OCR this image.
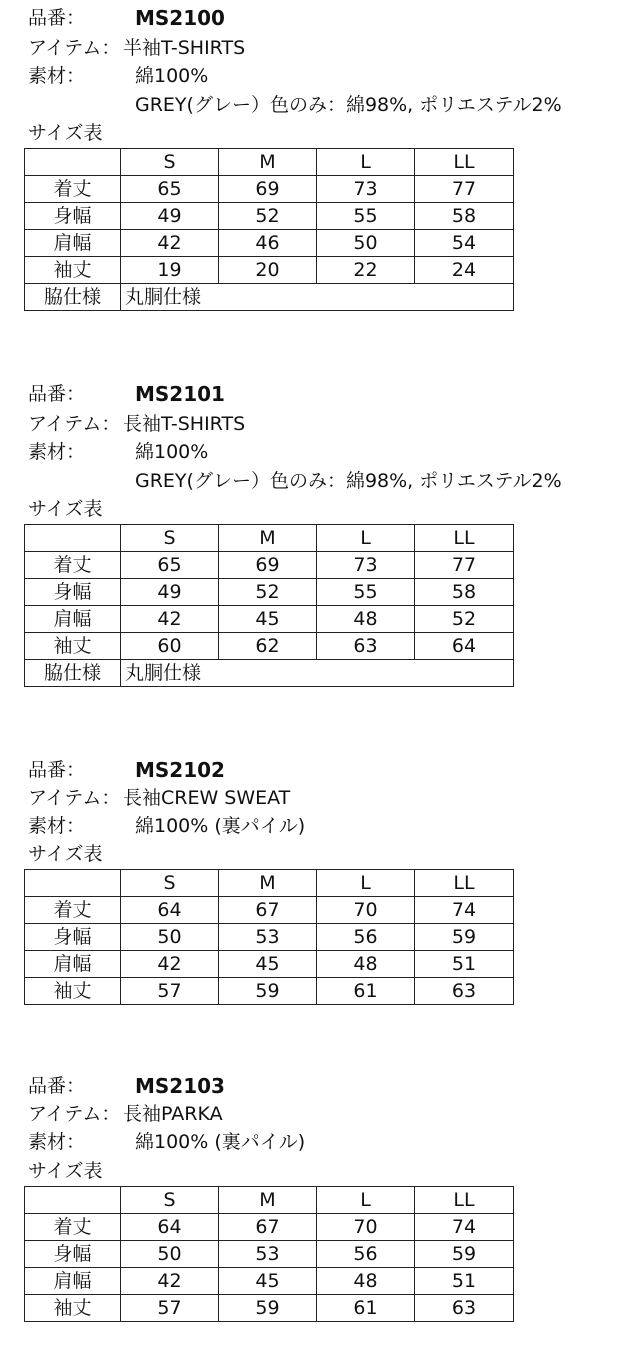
品番： MS2100
アイテム： 半袖T-SHIRTS
素材：	綿100%
GREY(グレー）色のみ：綿98%, ポリエステル2%
サイズ表
	S	M	L	LL
着丈	65	69	73	77
身幅	49	52	55	58
肩幅	42	46	50	54
袖丈	19	20	22	24
脇仕様	丸胴仕様			
品番： MS2101
アイテム： 長袖T-SHIRTS
素材：	綿100%
GREY(グレー）色のみ：綿98%, ポリエステル2%
サイズ表
	S	M	L	LL
着丈	65	69	73	77
身幅	49	52	55	58
肩幅	42	45	48	52
袖丈	60	62	63	64
脇仕様	丸胴仕様			
品番： MS2102
アイテム： 長袖CREW SWEAT
素材：	綿100% (裏パイル)
サイズ表
	S	M	L	LL
着丈	64	67	70	74
身幅	50	53	56	59
肩幅	42	45	48	51
袖丈	57	59	61	63
品番： MS2103
アイテム： 長袖PARKA
素材：	綿100% (裏パイル)
サイズ表
	S	M	L	LL
着丈	64	67	70	74
身幅	50	53	56	59
肩幅	42	45	48	51
袖丈	57	59	61	63
